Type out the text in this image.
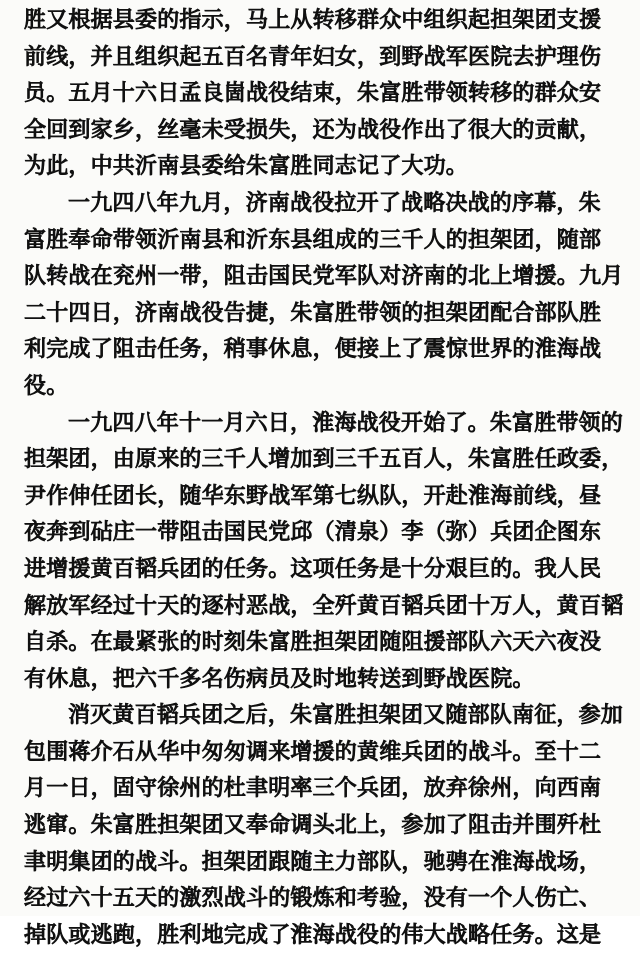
胜又根据县委的指示，马上从转移群众中组织起担架团支援
前线，并且组织起五百名青年妇女，到野战军医院去护理伤
员。五月十六日孟良崮战役结束，朱富胜带领转移的群众安
全回到家乡，丝毫未受损失，还为战役作出了很大的贡献，
为此，中共沂南县委给朱富胜同志记了大功。
一九四八年九月，济南战役拉开了战略决战的序幕，朱
富胜奉命带领沂南县和沂东县组成的三千人的担架团，随部
队转战在兖州一带，阻击国民党军队对济南的北上增援。九月
二十四日，济南战役告捷，朱富胜带领的担架团配合部队胜
利完成了阻击任务，稍事休息，便接上了震惊世界的淮海战
役。
一九四八年十一月六日，淮海战役开始了。朱富胜带领的
担架团，由原来的三千人增加到三千五百人，朱富胜任政委，
尹作伸任团长，随华东野战军第七纵队，开赴淮海前线，昼
夜奔到砧庄一带阻击国民党邱（清泉）李（弥）兵团企图东
进增援黄百韬兵团的任务。这项任务是十分艰巨的。我人民
解放军经过十天的逐村恶战，全歼黄百韬兵团十万人，黄百韬
自杀。在最紧张的时刻朱富胜担架团随阻援部队六天六夜没
有休息，把六千多名伤病员及时地转送到野战医院。
消灭黄百韬兵团之后，朱富胜担架团又随部队南征，参加
包围蒋介石从华中匆匆调来增援的黄维兵团的战斗。至十二
月一日，固守徐州的杜聿明率三个兵团，放弃徐州，向西南
逃窜。朱富胜担架团又奉命调头北上，参加了阻击并围歼杜
聿明集团的战斗。担架团跟随主力部队，驰骋在淮海战场，
经过六十五天的激烈战斗的锻炼和考验，没有一个人伤亡、
掉队或逃跑，胜利地完成了淮海战役的伟大战略任务。这是
